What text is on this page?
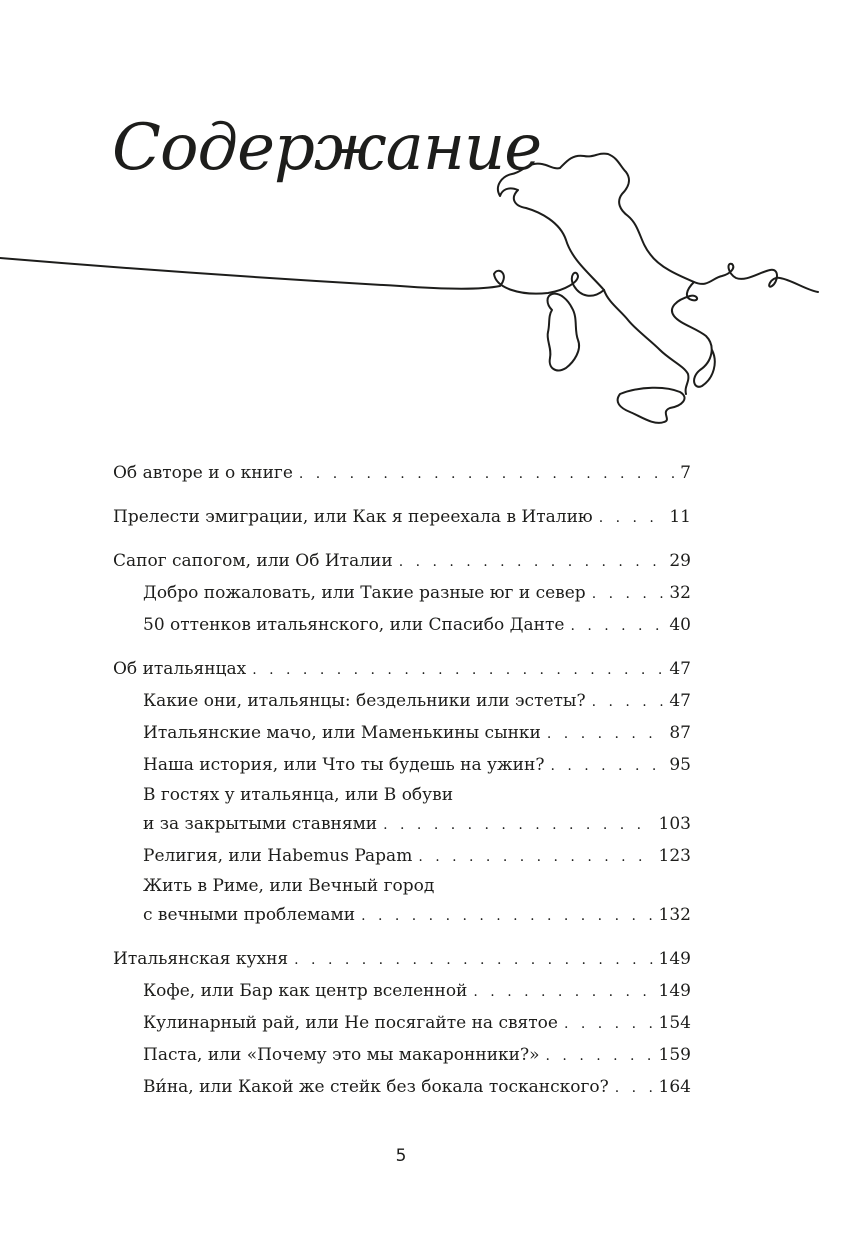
Содержание
Об авторе и о книге . . .	7
Прелести эмиграции, или Как я переехала в Италию . . .	11
Сапог сапогом, или Об Италии . . .	29
Добро пожаловать, или Такие разные юг и север . . .	32
50 оттенков итальянского, или Спасибо Данте . . .	40
Об итальянцах . . .	47
Какие они, итальянцы: бездельники или эстеты? . . .	47
Итальянские мачо, или Маменькины сынки . . .	87
Наша история, или Что ты будешь на ужин? . . .	95
В гостях у итальянца, или В обуви
и за закрытыми ставнями . . .	103
Религия, или Habemus Papam . . .	123
Жить в Риме, или Вечный город
с вечными проблемами . . .	132
Итальянская кухня . . .	149
Кофе, или Бар как центр вселенной . . .	149
Кулинарный рай, или Не посягайте на святое . . .	154
Паста, или «Почему это мы макаронники?» . . .	159
Ви́на, или Какой же стейк без бокала тосканского? . . .	164
5
